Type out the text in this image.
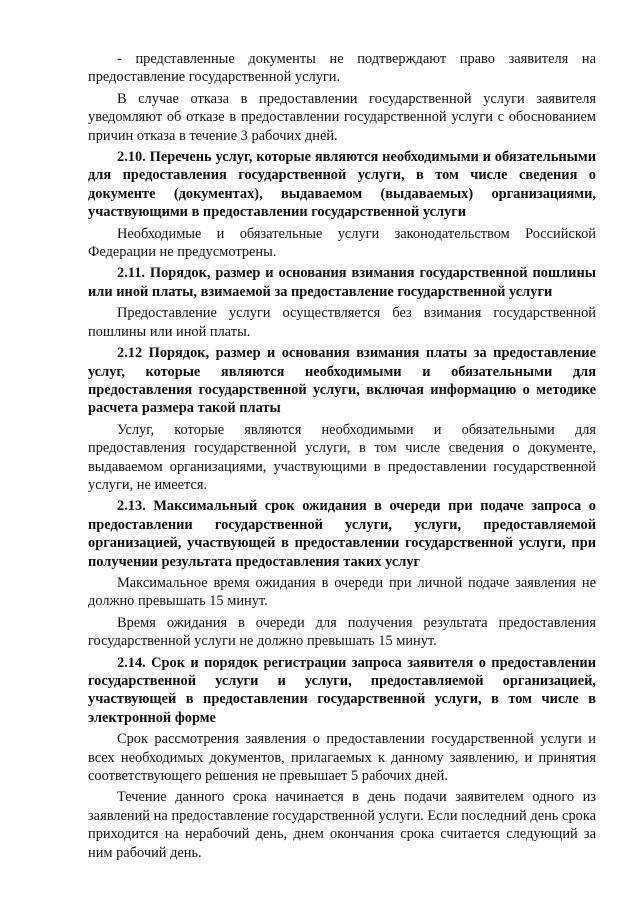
- представленные документы не подтверждают право заявителя на предоставление государственной услуги.

В случае отказа в предоставлении государственной услуги заявителя уведомляют об отказе в предоставлении государственной услуги с обоснованием причин отказа в течение 3 рабочих дней.

2.10. Перечень услуг, которые являются необходимыми и обязательными для предоставления государственной услуги, в том числе сведения о документе (документах), выдаваемом (выдаваемых) организациями, участвующими в предоставлении государственной услуги

Необходимые и обязательные услуги законодательством Российской Федерации не предусмотрены.

2.11. Порядок, размер и основания взимания государственной пошлины или иной платы, взимаемой за предоставление государственной услуги

Предоставление услуги осуществляется без взимания государственной пошлины или иной платы.

2.12 Порядок, размер и основания взимания платы за предоставление услуг, которые являются необходимыми и обязательными для предоставления государственной услуги, включая информацию о методике расчета размера такой платы

Услуг, которые являются необходимыми и обязательными для предоставления государственной услуги, в том числе сведения о документе, выдаваемом организациями, участвующими в предоставлении государственной услуги, не имеется.

2.13. Максимальный срок ожидания в очереди при подаче запроса о предоставлении государственной услуги, услуги, предоставляемой организацией, участвующей в предоставлении государственной услуги, при получении результата предоставления таких услуг

Максимальное время ожидания в очереди при личной подаче заявления не должно превышать 15 минут.

Время ожидания в очереди для получения результата предоставления государственной услуги не должно превышать 15 минут.

2.14. Срок и порядок регистрации запроса заявителя о предоставлении государственной услуги и услуги, предоставляемой организацией, участвующей в предоставлении государственной услуги, в том числе в электронной форме

Срок рассмотрения заявления о предоставлении государственной услуги и всех необходимых документов, прилагаемых к данному заявлению, и принятия соответствующего решения не превышает 5 рабочих дней.

Течение данного срока начинается в день подачи заявителем одного из заявлений на предоставление государственной услуги. Если последний день срока приходится на нерабочий день, днем окончания срока считается следующий за ним рабочий день.
